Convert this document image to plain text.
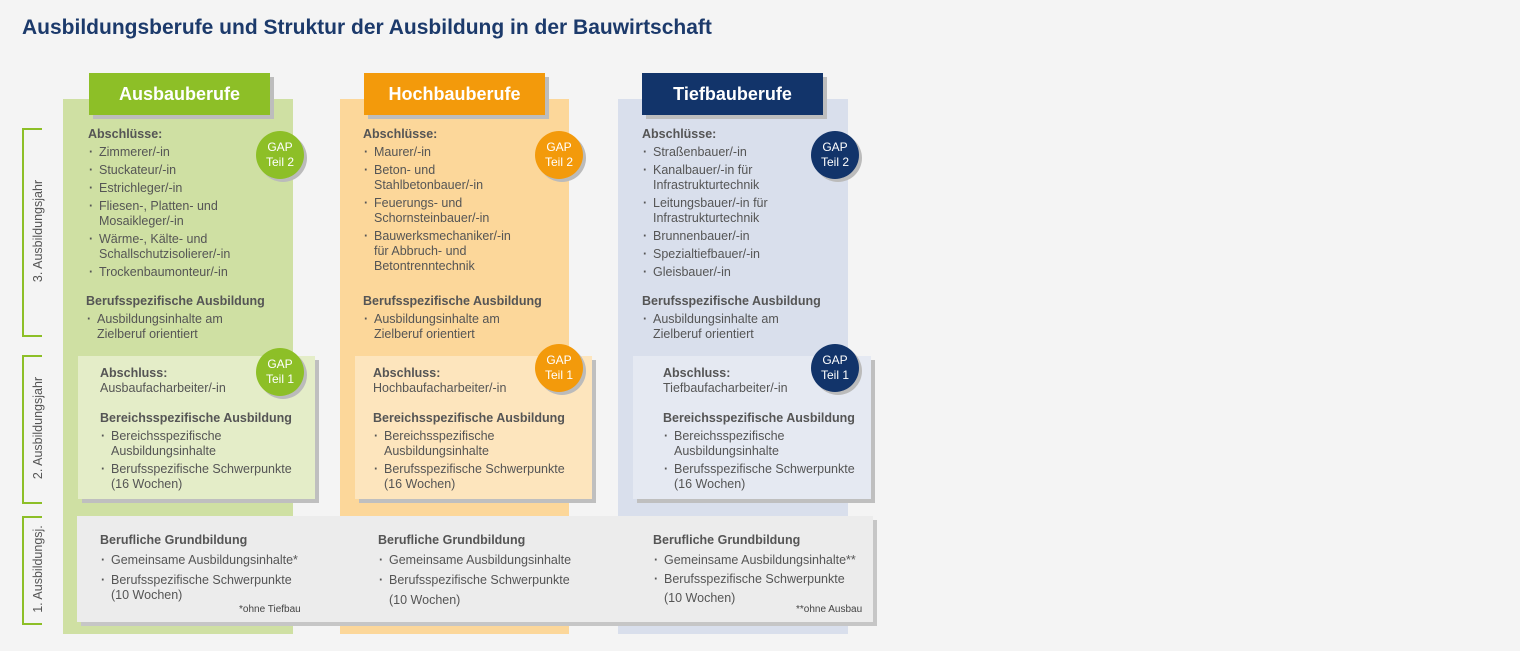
Ausbildungsberufe und Struktur der Ausbildung in der Bauwirtschaft
Ausbauberufe	Hochbauberufe	Tiefbauberufe
Abschlüsse:
· Zimmerer/-in
· Stuckateur/-in
· Estrichleger/-in
· Fliesen-, Platten- und Mosaikleger/-in
· Wärme-, Kälte- und Schallschutzisolierer/-in
· Trockenbaumonteur/-in
Berufsspezifische Ausbildung
· Ausbildungsinhalte am Zielberuf orientiert
Abschlüsse:
· Maurer/-in
· Beton- und Stahlbetonbauer/-in
· Feuerungs- und Schornsteinbauer/-in
· Bauwerksmechaniker/-in für Abbruch- und Betontrenntechnik
Berufsspezifische Ausbildung
· Ausbildungsinhalte am Zielberuf orientiert
Abschlüsse:
· Straßenbauer/-in
· Kanalbauer/-in für Infrastrukturtechnik
· Leitungsbauer/-in für Infrastrukturtechnik
· Brunnenbauer/-in
· Spezialtiefbauer/-in
· Gleisbauer/-in
Berufsspezifische Ausbildung
· Ausbildungsinhalte am Zielberuf orientiert
GAP
Teil 2
GAP
Teil 2
GAP
Teil 2
Abschluss:
Ausbaufacharbeiter/-in
Bereichsspezifische Ausbildung
· Bereichsspezifische Ausbildungsinhalte
· Berufsspezifische Schwerpunkte (16 Wochen)
Abschluss:
Hochbaufacharbeiter/-in
Bereichsspezifische Ausbildung
· Bereichsspezifische Ausbildungsinhalte
· Berufsspezifische Schwerpunkte (16 Wochen)
Abschluss:
Tiefbaufacharbeiter/-in
Bereichsspezifische Ausbildung
· Bereichsspezifische Ausbildungsinhalte
· Berufsspezifische Schwerpunkte (16 Wochen)
GAP
Teil 1
GAP
Teil 1
GAP
Teil 1
Berufliche Grundbildung
· Gemeinsame Ausbildungsinhalte*
· Berufsspezifische Schwerpunkte (10 Wochen)
*ohne Tiefbau
Berufliche Grundbildung
· Gemeinsame Ausbildungsinhalte
· Berufsspezifische Schwerpunkte
(10 Wochen)
Berufliche Grundbildung
· Gemeinsame Ausbildungsinhalte**
· Berufsspezifische Schwerpunkte
(10 Wochen)
**ohne Ausbau
3. Ausbildungsjahr
2. Ausbildungsjahr
1. Ausbildungsj.
